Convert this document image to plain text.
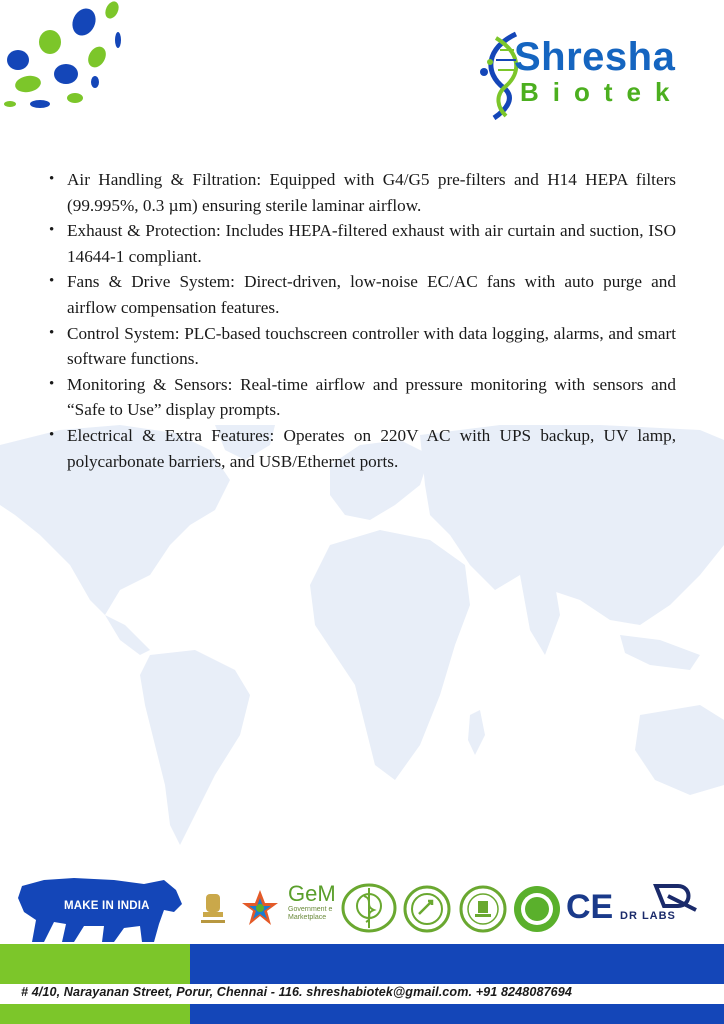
Shresha
Biotek
• Air Handling & Filtration: Equipped with G4/G5 pre-filters and H14 HEPA filters (99.995%, 0.3 µm) ensuring sterile laminar airflow.
• Exhaust & Protection: Includes HEPA-filtered exhaust with air curtain and suction, ISO 14644-1 compliant.
• Fans & Drive System: Direct-driven, low-noise EC/AC fans with auto purge and airflow compensation features.
• Control System: PLC-based touchscreen controller with data logging, alarms, and smart software functions.
• Monitoring & Sensors: Real-time airflow and pressure monitoring with sensors and “Safe to Use” display prompts.
• Electrical & Extra Features: Operates on 220V AC with UPS backup, UV lamp, polycarbonate barriers, and USB/Ethernet ports.
MAKE IN INDIA	GeM
Government e Marketplace	CE DR LABS
# 4/10, Narayanan Street, Porur, Chennai - 116. shreshabiotek@gmail.com. +91 8248087694
